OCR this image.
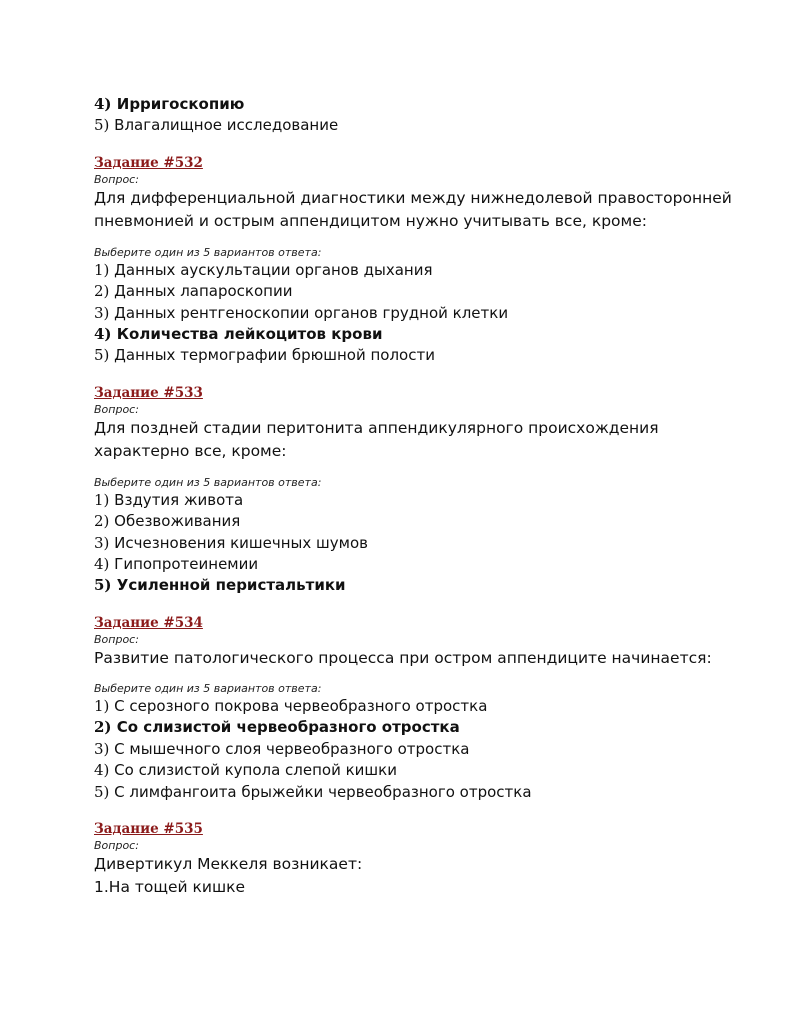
4) Ирригоскопию
5) Влагалищное исследование
Задание #532
Вопрос:
Для дифференциальной диагностики между нижнедолевой правосторонней пневмонией и острым аппендицитом нужно учитывать все, кроме:
Выберите один из 5 вариантов ответа:
1) Данных аускультации органов дыхания
2) Данных лапароскопии
3) Данных рентгеноскопии органов грудной клетки
4) Количества лейкоцитов крови
5) Данных термографии брюшной полости
Задание #533
Вопрос:
Для поздней стадии перитонита аппендикулярного происхождения характерно все, кроме:
Выберите один из 5 вариантов ответа:
1) Вздутия живота
2) Обезвоживания
3) Исчезновения кишечных шумов
4) Гипопротеинемии
5) Усиленной перистальтики
Задание #534
Вопрос:
Развитие патологического процесса при остром аппендиците начинается:
Выберите один из 5 вариантов ответа:
1) С серозного покрова червеобразного отростка
2) Со слизистой червеобразного отростка
3) С мышечного слоя червеобразного отростка
4) Со слизистой купола слепой кишки
5) С лимфангоита брыжейки червеобразного отростка
Задание #535
Вопрос:
Дивертикул Меккеля возникает:
1.На тощей кишке
